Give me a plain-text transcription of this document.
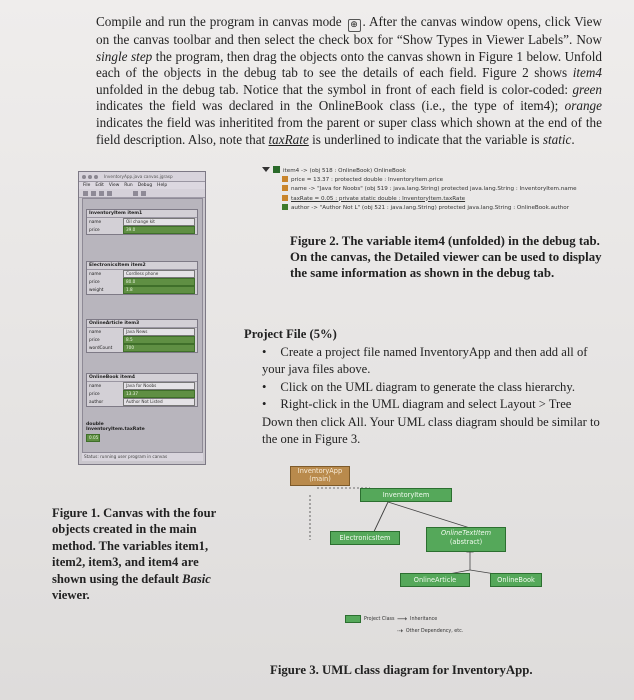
Compile and run the program in canvas mode ⊕ . After the canvas window opens, click View on the canvas toolbar and then select the check box for “Show Types in Viewer Labels”. Now single step the program, then drag the objects onto the canvas shown in Figure 1 below. Unfold each of the objects in the debug tab to see the details of each field. Figure 2 shows item4 unfolded in the debug tab. Notice that the symbol in front of each field is color-coded: green indicates the field was declared in the OnlineBook class (i.e., the type of item4); orange indicates the field was inheritited from the parent or super class which shown at the end of the field description. Also, note that taxRate is underlined to indicate that the variable is static.
item4 -> (obj 518 : OnlineBook) OnlineBook
price = 13.37 : protected double : InventoryItem.price
name -> "Java for Noobs" (obj 519 : java.lang.String) protected java.lang.String : InventoryItem.name
taxRate = 0.05 : private static double : InventoryItem.taxRate
author -> "Author Not L" (obj 521 : java.lang.String) protected java.lang.String : OnlineBook.author
InventoryApp.java canvas.jgrasp
File Edit View Run Debug Help
InventoryItem item1
name	Oil change kit
price	39.0
ElectronicsItem item2
name	Cordless phone
price	80.0
weight	1.8
OnlineArticle item3
name	Java News
price	8.5
wordCount	700
OnlineBook item4
name	Java for Noobs
price	13.37
author	Author Not Listed
double InventoryItem.taxRate
0.05
Status: running user program in canvas
Figure 2. The variable item4 (unfolded) in the debug tab. On the canvas, the Detailed viewer can be used to display the same information as shown in the debug tab.
Project File (5%)
• Create a project file named InventoryApp and then add all of your java files above.
• Click on the UML diagram to generate the class hierarchy.
• Right-click in the UML diagram and select Layout > Tree Down then click All. Your UML class diagram should be similar to the one in Figure 3.
Figure 1. Canvas with the four objects created in the main method. The variables item1, item2, item3, and item4 are shown using the default Basic viewer.
InventoryApp
(main)
InventoryItem
ElectronicsItem
OnlineTextItem
(abstract)
OnlineArticle	OnlineBook
Project Class ⟶ Inheritance
⇢ Other Dependency, etc.
Figure 3. UML class diagram for InventoryApp.
